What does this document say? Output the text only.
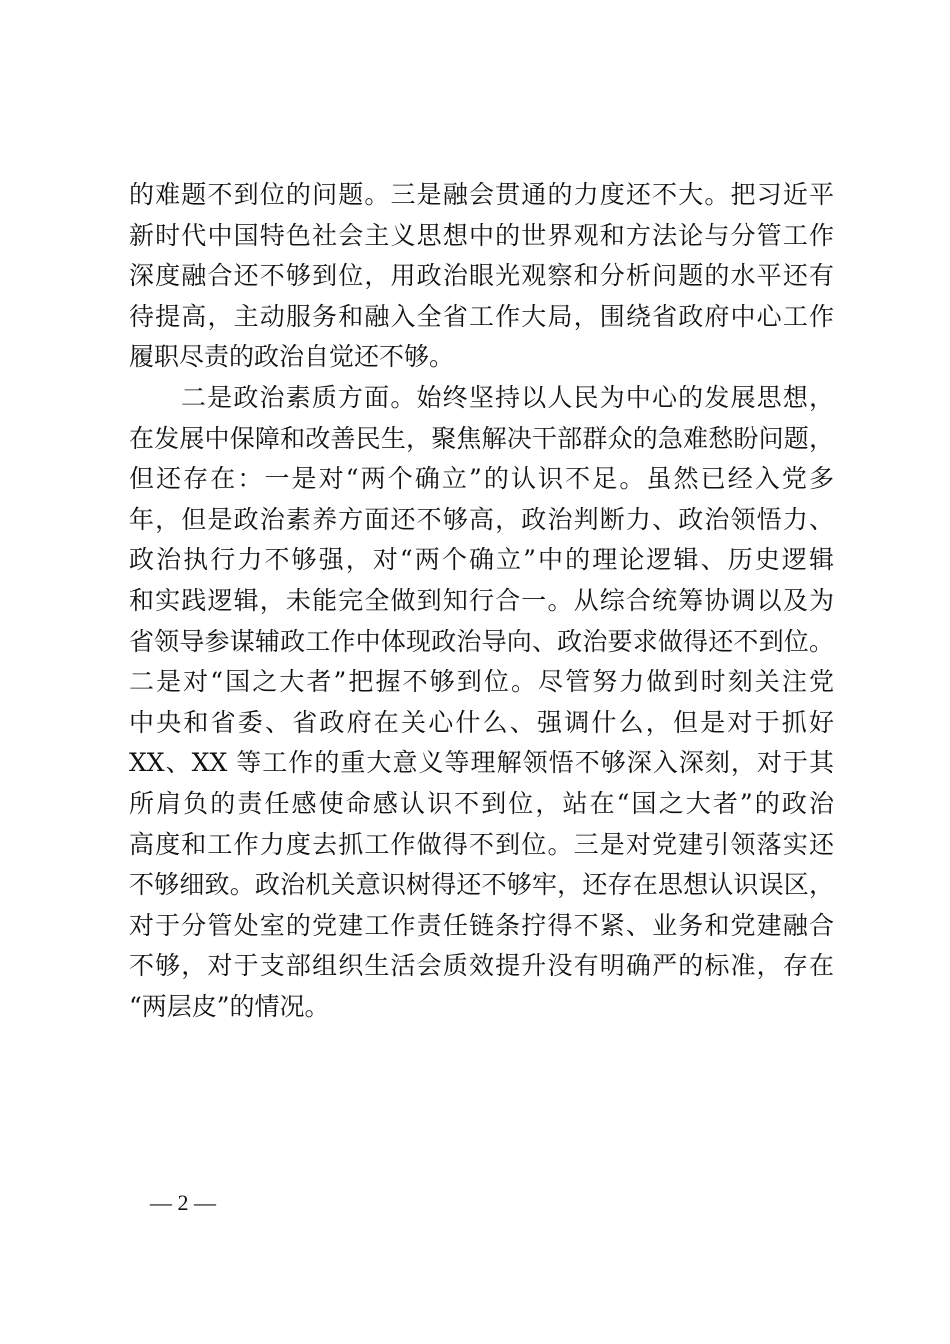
的难题不到位的问题。三是融会贯通的力度还不大。把习近平
新时代中国特色社会主义思想中的世界观和方法论与分管工作
深度融合还不够到位，用政治眼光观察和分析问题的水平还有
待提高，主动服务和融入全省工作大局，围绕省政府中心工作
履职尽责的政治自觉还不够。
二是政治素质方面。始终坚持以人民为中心的发展思想，
在发展中保障和改善民生，聚焦解决干部群众的急难愁盼问题，
但还存在：一是对“两个确立”的认识不足。虽然已经入党多
年，但是政治素养方面还不够高，政治判断力、政治领悟力、
政治执行力不够强，对“两个确立”中的理论逻辑、历史逻辑
和实践逻辑，未能完全做到知行合一。从综合统筹协调以及为
省领导参谋辅政工作中体现政治导向、政治要求做得还不到位。
二是对“国之大者”把握不够到位。尽管努力做到时刻关注党
中央和省委、省政府在关心什么、强调什么，但是对于抓好
XX、XX 等工作的重大意义等理解领悟不够深入深刻，对于其
所肩负的责任感使命感认识不到位，站在“国之大者”的政治
高度和工作力度去抓工作做得不到位。三是对党建引领落实还
不够细致。政治机关意识树得还不够牢，还存在思想认识误区，
对于分管处室的党建工作责任链条拧得不紧、业务和党建融合
不够，对于支部组织生活会质效提升没有明确严的标准，存在
“两层皮”的情况。
— 2 —
